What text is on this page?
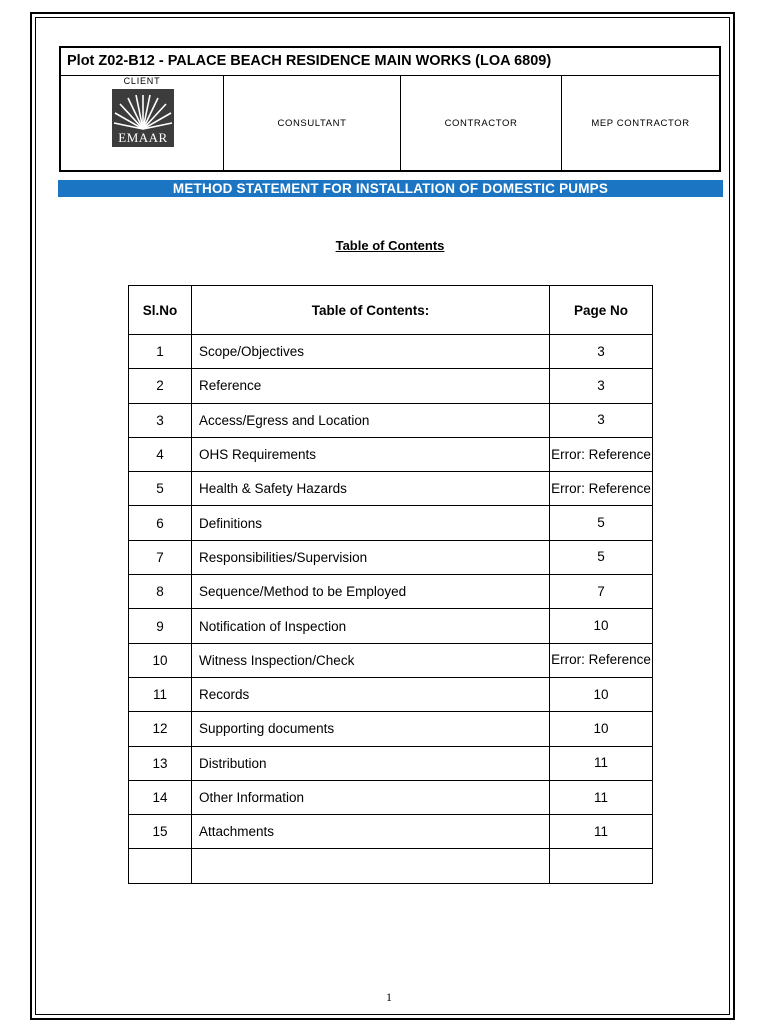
Plot Z02-B12 - PALACE BEACH RESIDENCE MAIN WORKS (LOA 6809)
CLIENT
EMAAR
CONSULTANT	CONTRACTOR	MEP CONTRACTOR
METHOD STATEMENT FOR INSTALLATION OF DOMESTIC PUMPS
Table of Contents
Sl.No	Table of Contents:	Page No
1	Scope/Objectives	3
2	Reference	3
3	Access/Egress and Location	3
4	OHS Requirements	Error: Reference
5	Health & Safety Hazards	Error: Reference
6	Definitions	5
7	Responsibilities/Supervision	5
8	Sequence/Method to be Employed	7
9	Notification of Inspection	10
10	Witness Inspection/Check	Error: Reference
11	Records	10
12	Supporting documents	10
13	Distribution	11
14	Other Information	11
15	Attachments	11

1
